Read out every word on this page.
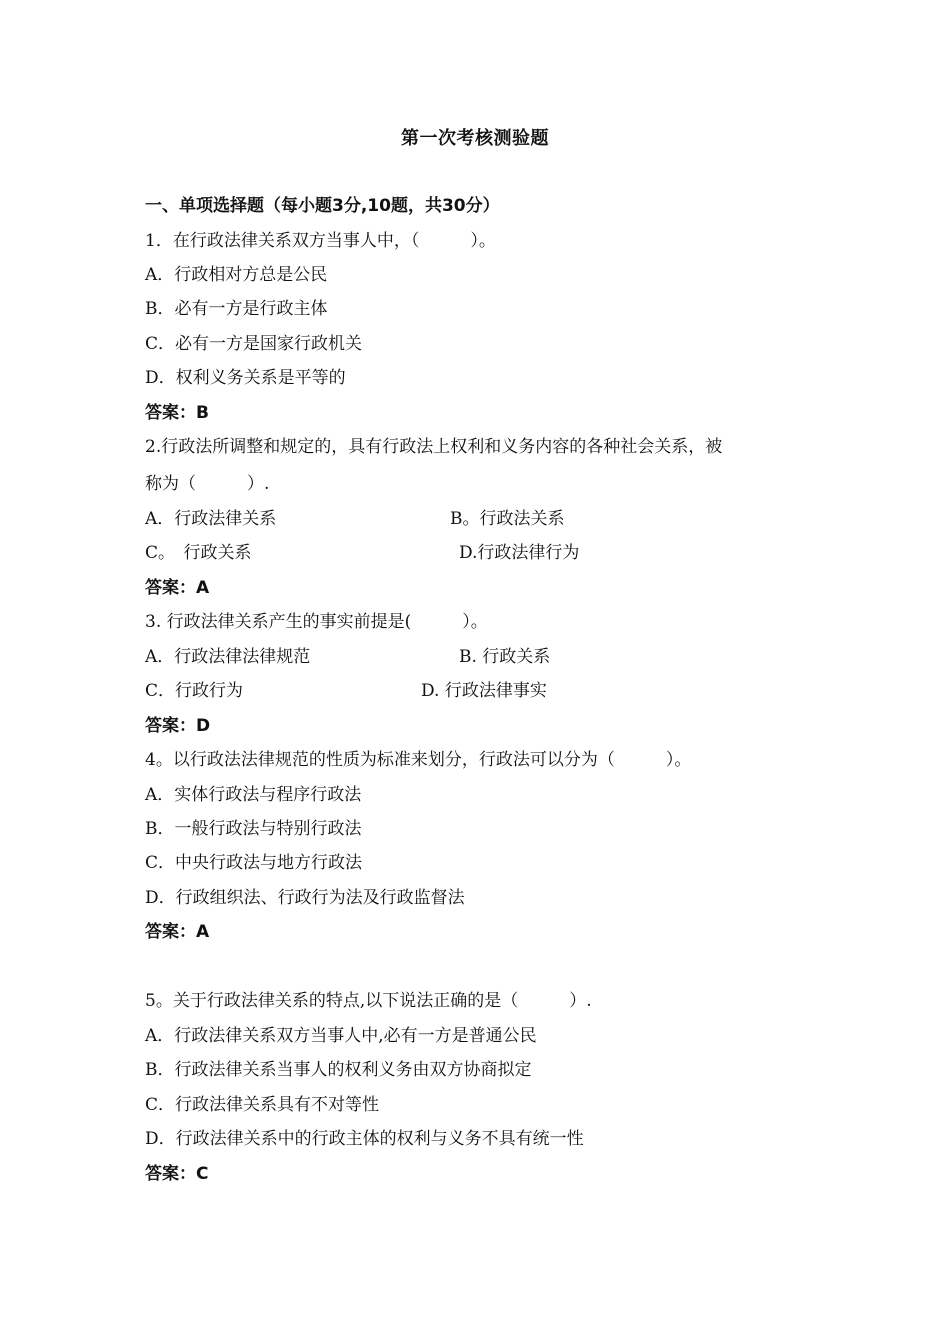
第一次考核测验题
一、单项选择题（每小题3分,10题，共30分）
1．在行政法律关系双方当事人中，（　　　）。
A．行政相对方总是公民
B．必有一方是行政主体
C．必有一方是国家行政机关
D．权利义务关系是平等的
答案：B
2.行政法所调整和规定的，具有行政法上权利和义务内容的各种社会关系，被
称为（　　　）.
A．行政法律关系	B。行政法关系
C。　行政关系	D.行政法律行为
答案：A
3. 行政法律关系产生的事实前提是(　　　）。
A．行政法律法律规范	B. 行政关系
C．行政行为	D. 行政法律事实
答案：D
4。以行政法法律规范的性质为标准来划分，行政法可以分为（　　　）。
A．实体行政法与程序行政法
B．一般行政法与特别行政法
C．中央行政法与地方行政法
D．行政组织法、行政行为法及行政监督法
答案：A
5。关于行政法律关系的特点,以下说法正确的是（　　　）.
A．行政法律关系双方当事人中,必有一方是普通公民
B．行政法律关系当事人的权利义务由双方协商拟定
C．行政法律关系具有不对等性
D．行政法律关系中的行政主体的权利与义务不具有统一性
答案：C
